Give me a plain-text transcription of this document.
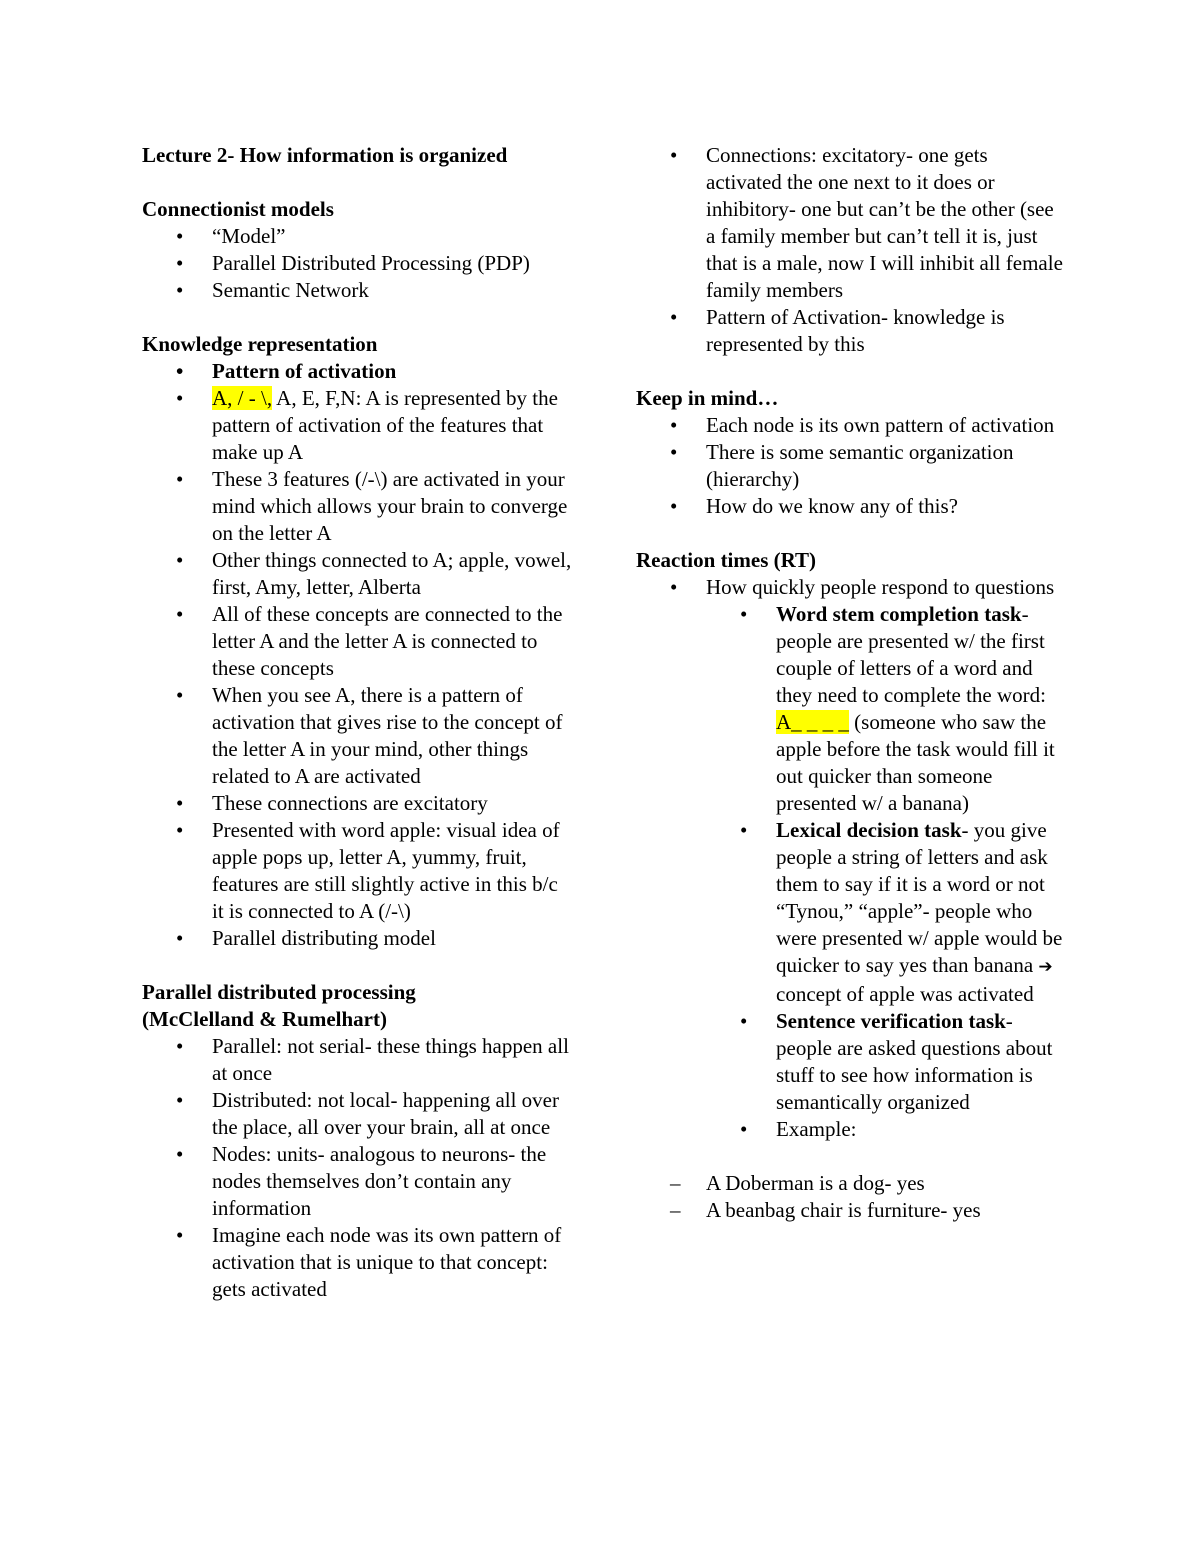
Lecture 2- How information is organized

Connectionist models

• “Model”
• Parallel Distributed Processing (PDP)
• Semantic Network

Knowledge representation

• Pattern of activation
• A, / - \, A, E, F,N: A is represented by the pattern of activation of the features that make up A
• These 3 features (/-\) are activated in your mind which allows your brain to converge on the letter A
• Other things connected to A; apple, vowel, first, Amy, letter, Alberta
• All of these concepts are connected to the letter A and the letter A is connected to these concepts
• When you see A, there is a pattern of activation that gives rise to the concept of the letter A in your mind, other things related to A are activated
• These connections are excitatory
• Presented with word apple: visual idea of apple pops up, letter A, yummy, fruit, features are still slightly active in this b/c it is connected to A (/-\)
• Parallel distributing model

Parallel distributed processing

(McClelland & Rumelhart)

• Parallel: not serial- these things happen all at once
• Distributed: not local- happening all over the place, all over your brain, all at once
• Nodes: units- analogous to neurons- the nodes themselves don’t contain any information
• Imagine each node was its own pattern of activation that is unique to that concept: gets activated
• Connections: excitatory- one gets activated the one next to it does or inhibitory- one but can’t be the other (see a family member but can’t tell it is, just that is a male, now I will inhibit all female family members
• Pattern of Activation- knowledge is represented by this

Keep in mind…

• Each node is its own pattern of activation
• There is some semantic organization (hierarchy)
• How do we know any of this?

Reaction times (RT)

• How quickly people respond to questions
• Word stem completion task- people are presented w/ the first couple of letters of a word and they need to complete the word: A_ _ _ _ (someone who saw the apple before the task would fill it out quicker than someone presented w/ a banana)
• Lexical decision task- you give people a string of letters and ask them to say if it is a word or not “Tynou,” “apple”- people who were presented w/ apple would be quicker to say yes than banana ➔ concept of apple was activated
• Sentence verification task- people are asked questions about stuff to see how information is semantically organized
• Example:
– A Doberman is a dog- yes
– A beanbag chair is furniture- yes
